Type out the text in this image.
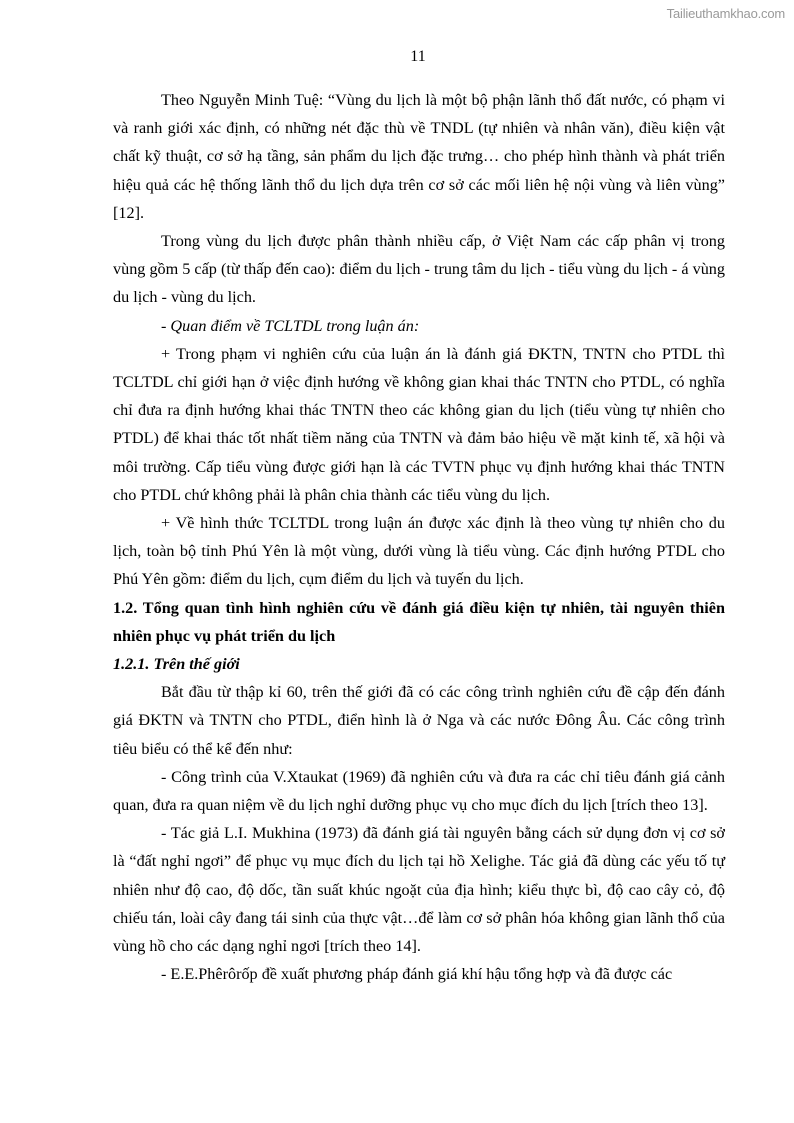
Tailieuthamkhao.com
11

Theo Nguyễn Minh Tuệ: “Vùng du lịch là một bộ phận lãnh thổ đất nước, có phạm vi và ranh giới xác định, có những nét đặc thù về TNDL (tự nhiên và nhân văn), điều kiện vật chất kỹ thuật, cơ sở hạ tầng, sản phẩm du lịch đặc trưng… cho phép hình thành và phát triển hiệu quả các hệ thống lãnh thổ du lịch dựa trên cơ sở các mối liên hệ nội vùng và liên vùng” [12].

Trong vùng du lịch được phân thành nhiều cấp, ở Việt Nam các cấp phân vị trong vùng gồm 5 cấp (từ thấp đến cao): điểm du lịch - trung tâm du lịch - tiểu vùng du lịch - á vùng du lịch - vùng du lịch.

- Quan điểm về TCLTDL trong luận án:

+ Trong phạm vi nghiên cứu của luận án là đánh giá ĐKTN, TNTN cho PTDL thì TCLTDL chỉ giới hạn ở việc định hướng về không gian khai thác TNTN cho PTDL, có nghĩa chỉ đưa ra định hướng khai thác TNTN theo các không gian du lịch (tiểu vùng tự nhiên cho PTDL) để khai thác tốt nhất tiềm năng của TNTN và đảm bảo hiệu về mặt kinh tế, xã hội và môi trường. Cấp tiểu vùng được giới hạn là các TVTN phục vụ định hướng khai thác TNTN cho PTDL chứ không phải là phân chia thành các tiểu vùng du lịch.

+ Về hình thức TCLTDL trong luận án được xác định là theo vùng tự nhiên cho du lịch, toàn bộ tỉnh Phú Yên là một vùng, dưới vùng là tiểu vùng. Các định hướng PTDL cho Phú Yên gồm: điểm du lịch, cụm điểm du lịch và tuyến du lịch.

1.2. Tổng quan tình hình nghiên cứu về đánh giá điều kiện tự nhiên, tài nguyên thiên nhiên phục vụ phát triển du lịch
1.2.1. Trên thế giới

Bắt đầu từ thập kỉ 60, trên thế giới đã có các công trình nghiên cứu đề cập đến đánh giá ĐKTN và TNTN cho PTDL, điển hình là ở Nga và các nước Đông Âu. Các công trình tiêu biểu có thể kể đến như:

- Công trình của V.Xtaukat (1969) đã nghiên cứu và đưa ra các chỉ tiêu đánh giá cảnh quan, đưa ra quan niệm về du lịch nghỉ dưỡng phục vụ cho mục đích du lịch [trích theo 13].

- Tác giả L.I. Mukhina (1973) đã đánh giá tài nguyên bằng cách sử dụng đơn vị cơ sở là “đất nghỉ ngơi” để phục vụ mục đích du lịch tại hồ Xelighe. Tác giả đã dùng các yếu tố tự nhiên như độ cao, độ dốc, tần suất khúc ngoặt của địa hình; kiểu thực bì, độ cao cây cỏ, độ chiếu tán, loài cây đang tái sinh của thực vật…để làm cơ sở phân hóa không gian lãnh thổ của vùng hồ cho các dạng nghỉ ngơi [trích theo 14].

- E.E.Phêrôrốp đề xuất phương pháp đánh giá khí hậu tổng hợp và đã được các
